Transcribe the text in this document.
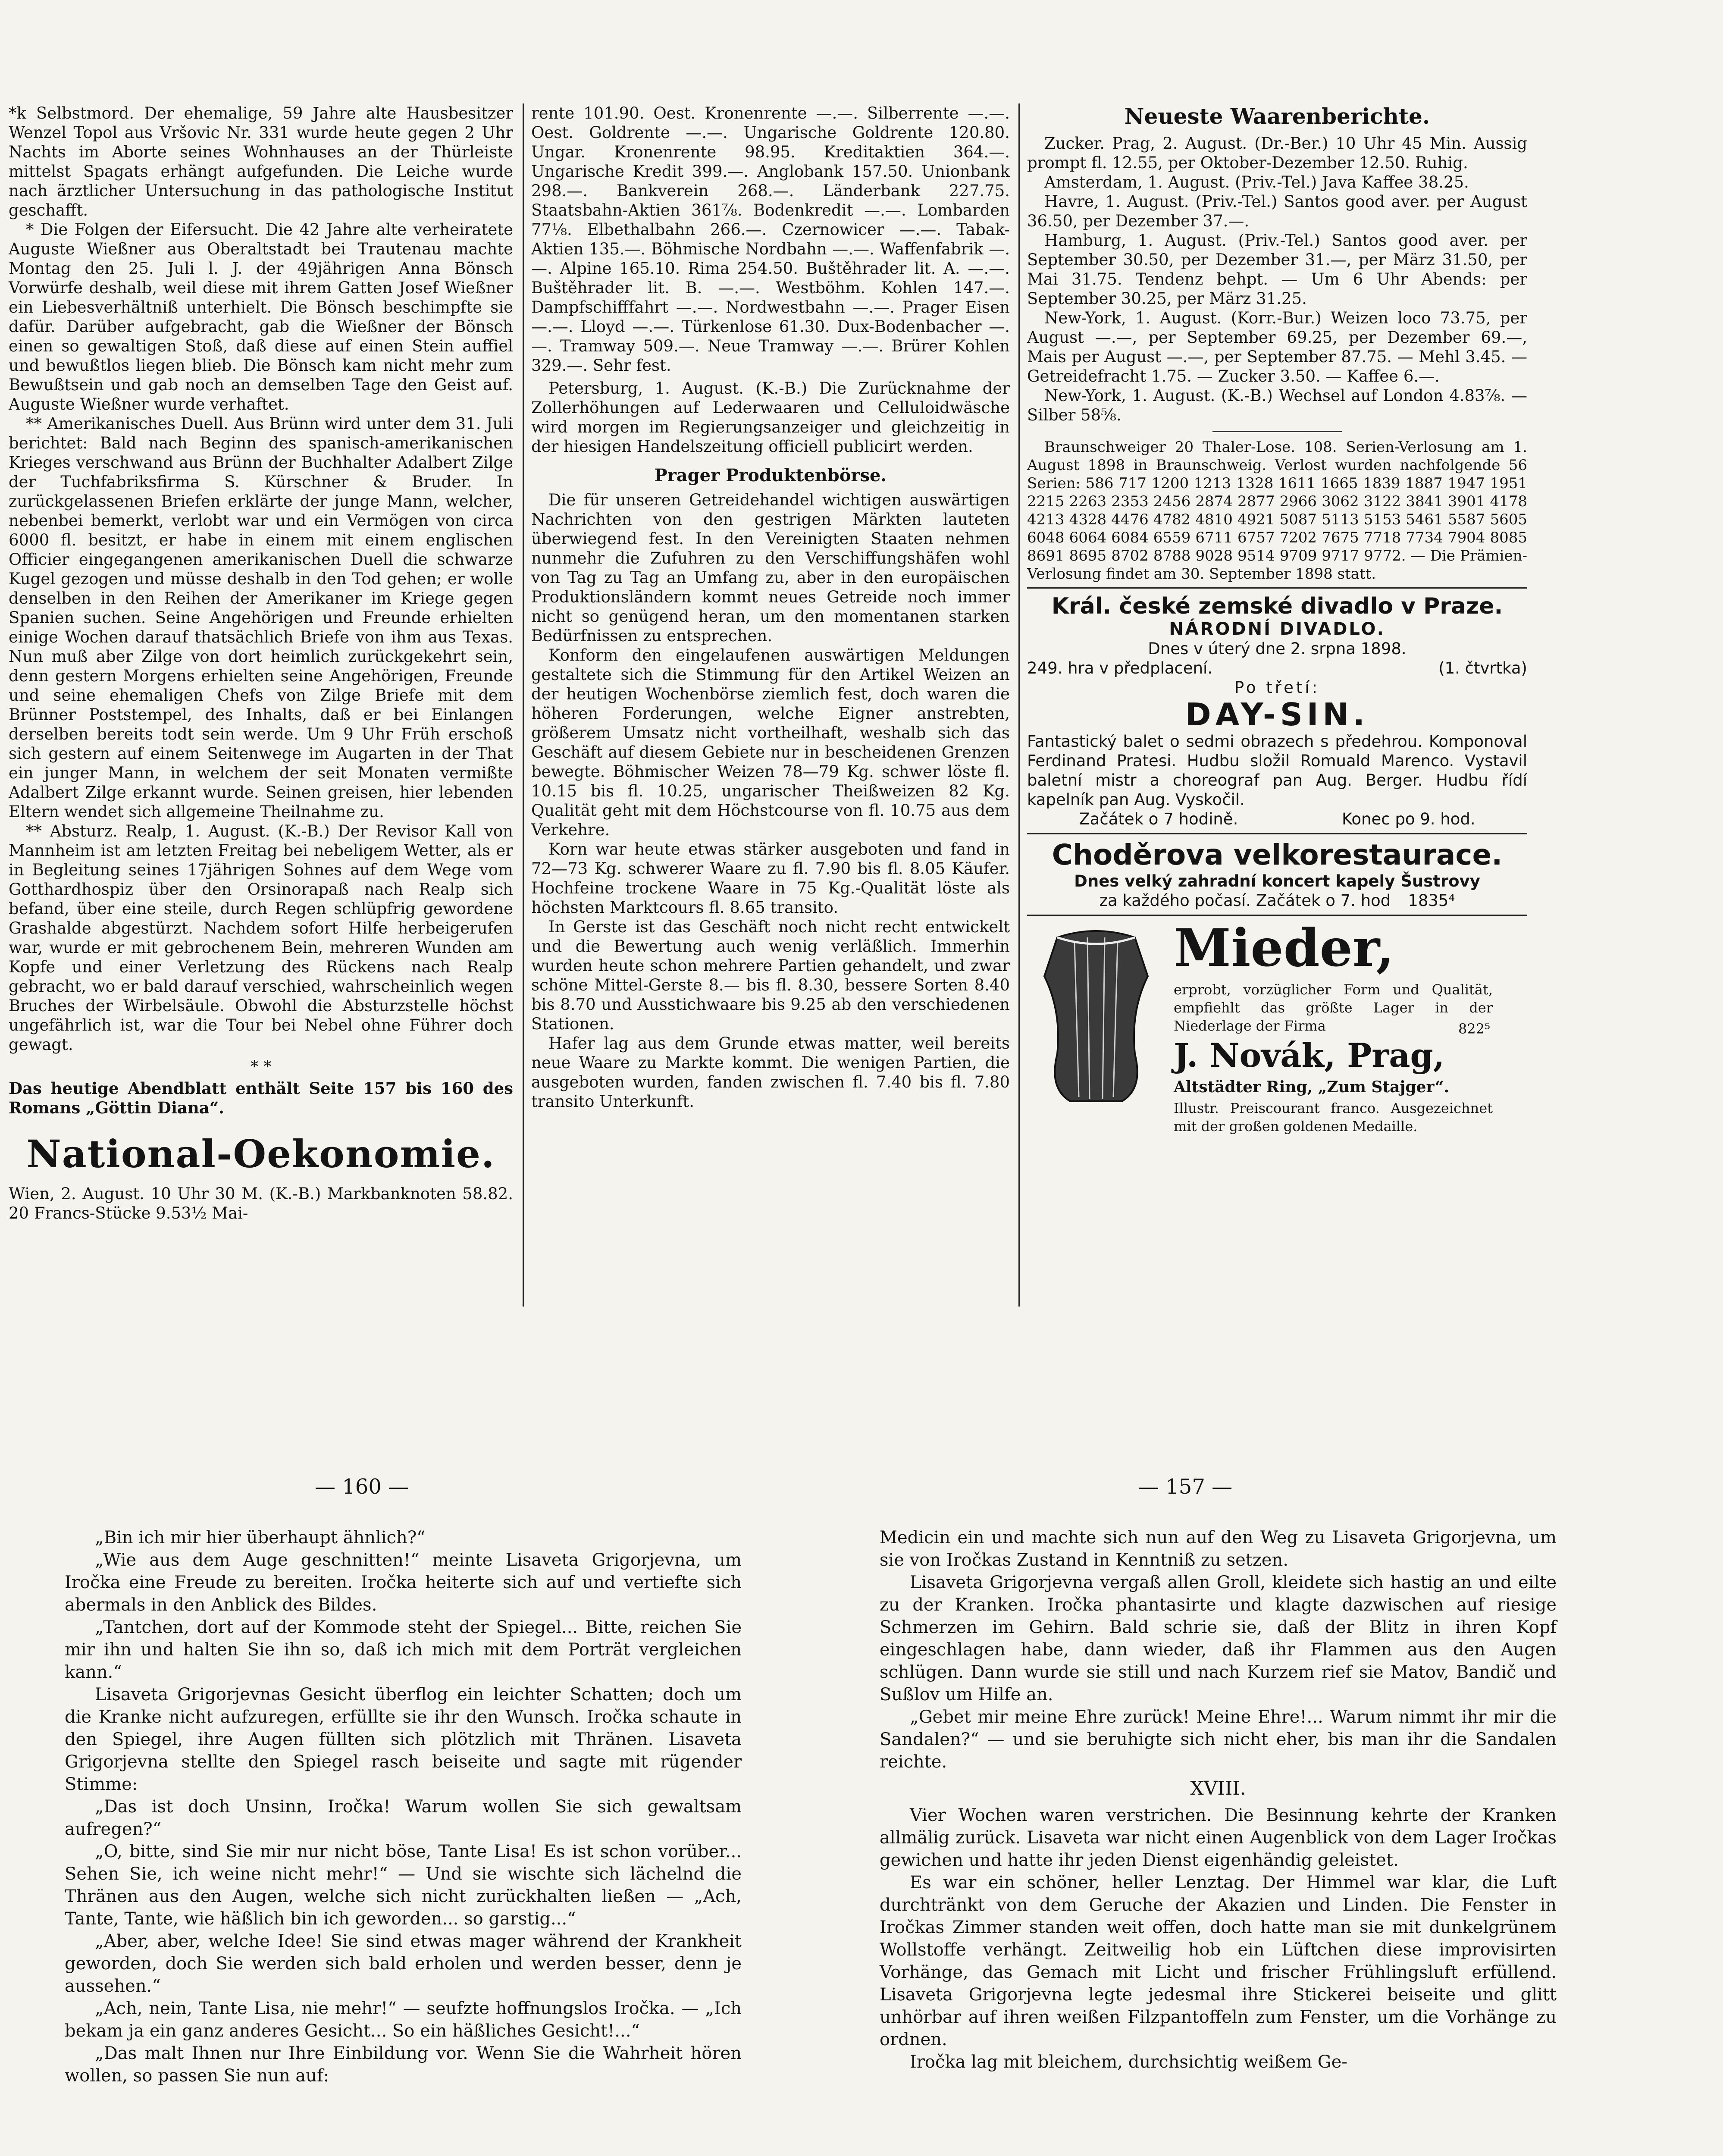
*k Selbstmord. Der ehemalige, 59 Jahre alte Hausbesitzer Wenzel Topol aus Vršovic Nr. 331 wurde heute gegen 2 Uhr Nachts im Aborte seines Wohnhauses an der Thürleiste mittelst Spagats erhängt aufgefunden. Die Leiche wurde nach ärztlicher Untersuchung in das pathologische Institut geschafft.

* Die Folgen der Eifersucht. Die 42 Jahre alte verheiratete Auguste Wießner aus Oberaltstadt bei Trautenau machte Montag den 25. Juli l. J. der 49jährigen Anna Bönsch Vorwürfe deshalb, weil diese mit ihrem Gatten Josef Wießner ein Liebesverhältniß unterhielt. Die Bönsch beschimpfte sie dafür. Darüber aufgebracht, gab die Wießner der Bönsch einen so gewaltigen Stoß, daß diese auf einen Stein auffiel und bewußtlos liegen blieb. Die Bönsch kam nicht mehr zum Bewußtsein und gab noch an demselben Tage den Geist auf. Auguste Wießner wurde verhaftet.

** Amerikanisches Duell. Aus Brünn wird unter dem 31. Juli berichtet: Bald nach Beginn des spanisch-amerikanischen Krieges verschwand aus Brünn der Buchhalter Adalbert Zilge der Tuchfabriksfirma S. Kürschner & Bruder. In zurückgelassenen Briefen erklärte der junge Mann, welcher, nebenbei bemerkt, verlobt war und ein Vermögen von circa 6000 fl. besitzt, er habe in einem mit einem englischen Officier eingegangenen amerikanischen Duell die schwarze Kugel gezogen und müsse deshalb in den Tod gehen; er wolle denselben in den Reihen der Amerikaner im Kriege gegen Spanien suchen. Seine Angehörigen und Freunde erhielten einige Wochen darauf thatsächlich Briefe von ihm aus Texas. Nun muß aber Zilge von dort heimlich zurückgekehrt sein, denn gestern Morgens erhielten seine Angehörigen, Freunde und seine ehemaligen Chefs von Zilge Briefe mit dem Brünner Poststempel, des Inhalts, daß er bei Einlangen derselben bereits todt sein werde. Um 9 Uhr Früh erschoß sich gestern auf einem Seitenwege im Augarten in der That ein junger Mann, in welchem der seit Monaten vermißte Adalbert Zilge erkannt wurde. Seinen greisen, hier lebenden Eltern wendet sich allgemeine Theilnahme zu.

** Absturz. Realp, 1. August. (K.-B.) Der Revisor Kall von Mannheim ist am letzten Freitag bei nebeligem Wetter, als er in Begleitung seines 17jährigen Sohnes auf dem Wege vom Gotthardhospiz über den Orsinorapaß nach Realp sich befand, über eine steile, durch Regen schlüpfrig gewordene Grashalde abgestürzt. Nachdem sofort Hilfe herbeigerufen war, wurde er mit gebrochenem Bein, mehreren Wunden am Kopfe und einer Verletzung des Rückens nach Realp gebracht, wo er bald darauf verschied, wahrscheinlich wegen Bruches der Wirbelsäule. Obwohl die Absturzstelle höchst ungefährlich ist, war die Tour bei Nebel ohne Führer doch gewagt.

* *

Das heutige Abendblatt enthält Seite 157 bis 160 des Romans „Göttin Diana“.

National-Oekonomie.

Wien, 2. August. 10 Uhr 30 M. (K.-B.) Markbanknoten 58.82. 20 Francs-Stücke 9.53½ Mai-

rente 101.90. Oest. Kronenrente —.—. Silberrente —.—. Oest. Goldrente —.—. Ungarische Goldrente 120.80. Ungar. Kronenrente 98.95. Kreditaktien 364.—. Ungarische Kredit 399.—. Anglobank 157.50. Unionbank 298.—. Bankverein 268.—. Länderbank 227.75. Staatsbahn-Aktien 361⅞. Bodenkredit —.—. Lombarden 77⅛. Elbethalbahn 266.—. Czernowicer —.—. Tabak-Aktien 135.—. Böhmische Nordbahn —.—. Waffenfabrik —.—. Alpine 165.10. Rima 254.50. Buštěhrader lit. A. —.—. Buštěhrader lit. B. —.—. Westböhm. Kohlen 147.—. Dampfschifffahrt —.—. Nordwestbahn —.—. Prager Eisen —.—. Lloyd —.—. Türkenlose 61.30. Dux-Bodenbacher —.—. Tramway 509.—. Neue Tramway —.—. Brürer Kohlen 329.—. Sehr fest.

Petersburg, 1. August. (K.-B.) Die Zurücknahme der Zollerhöhungen auf Lederwaaren und Celluloidwäsche wird morgen im Regierungsanzeiger und gleichzeitig in der hiesigen Handelszeitung officiell publicirt werden.

Prager Produktenbörse.

Die für unseren Getreidehandel wichtigen auswärtigen Nachrichten von den gestrigen Märkten lauteten überwiegend fest. In den Vereinigten Staaten nehmen nunmehr die Zufuhren zu den Verschiffungshäfen wohl von Tag zu Tag an Umfang zu, aber in den europäischen Produktionsländern kommt neues Getreide noch immer nicht so genügend heran, um den momentanen starken Bedürfnissen zu entsprechen.

Konform den eingelaufenen auswärtigen Meldungen gestaltete sich die Stimmung für den Artikel Weizen an der heutigen Wochenbörse ziemlich fest, doch waren die höheren Forderungen, welche Eigner anstrebten, größerem Umsatz nicht vortheilhaft, weshalb sich das Geschäft auf diesem Gebiete nur in bescheidenen Grenzen bewegte. Böhmischer Weizen 78—79 Kg. schwer löste fl. 10.15 bis fl. 10.25, ungarischer Theißweizen 82 Kg. Qualität geht mit dem Höchstcourse von fl. 10.75 aus dem Verkehre.

Korn war heute etwas stärker ausgeboten und fand in 72—73 Kg. schwerer Waare zu fl. 7.90 bis fl. 8.05 Käufer. Hochfeine trockene Waare in 75 Kg.-Qualität löste als höchsten Marktcours fl. 8.65 transito.

In Gerste ist das Geschäft noch nicht recht entwickelt und die Bewertung auch wenig verläßlich. Immerhin wurden heute schon mehrere Partien gehandelt, und zwar schöne Mittel-Gerste 8.— bis fl. 8.30, bessere Sorten 8.40 bis 8.70 und Ausstichwaare bis 9.25 ab den verschiedenen Stationen.

Hafer lag aus dem Grunde etwas matter, weil bereits neue Waare zu Markte kommt. Die wenigen Partien, die ausgeboten wurden, fanden zwischen fl. 7.40 bis fl. 7.80 transito Unterkunft.

Neueste Waarenberichte.

Zucker. Prag, 2. August. (Dr.-Ber.) 10 Uhr 45 Min. Aussig prompt fl. 12.55, per Oktober-Dezember 12.50. Ruhig.

Amsterdam, 1. August. (Priv.-Tel.) Java Kaffee 38.25.

Havre, 1. August. (Priv.-Tel.) Santos good aver. per August 36.50, per Dezember 37.—.

Hamburg, 1. August. (Priv.-Tel.) Santos good aver. per September 30.50, per Dezember 31.—, per März 31.50, per Mai 31.75. Tendenz behpt. — Um 6 Uhr Abends: per September 30.25, per März 31.25.

New-York, 1. August. (Korr.-Bur.) Weizen loco 73.75, per August —.—, per September 69.25, per Dezember 69.—, Mais per August —.—, per September 87.75. — Mehl 3.45. — Getreidefracht 1.75. — Zucker 3.50. — Kaffee 6.—.

New-York, 1. August. (K.-B.) Wechsel auf London 4.83⅞. — Silber 58⅝.

Braunschweiger 20 Thaler-Lose. 108. Serien-Verlosung am 1. August 1898 in Braunschweig. Verlost wurden nachfolgende 56 Serien: 586 717 1200 1213 1328 1611 1665 1839 1887 1947 1951 2215 2263 2353 2456 2874 2877 2966 3062 3122 3841 3901 4178 4213 4328 4476 4782 4810 4921 5087 5113 5153 5461 5587 5605 6048 6064 6084 6559 6711 6757 7202 7675 7718 7734 7904 8085 8691 8695 8702 8788 9028 9514 9709 9717 9772. — Die Prämien-Verlosung findet am 30. September 1898 statt.

Král. české zemské divadlo v Praze.
NÁRODNÍ DIVADLO.
Dnes v úterý dne 2. srpna 1898.
249. hra v předplacení.	(1. čtvrtka)
Po třetí:
DAY-SIN.
Fantastický balet o sedmi obrazech s předehrou. Komponoval Ferdinand Pratesi. Hudbu složil Romuald Marenco. Vystavil baletní mistr a choreograf pan Aug. Berger. Hudbu řídí kapelník pan Aug. Vyskočil.
Začátek o 7 hodině.	Konec po 9. hod.
Choděrova velkorestaurace.
Dnes velký zahradní koncert kapely Šustrovy
za každého počasí. Začátek o 7. hod 1835⁴
Mieder,
erprobt, vorzüglicher Form und Qualität, empfiehlt das größte Lager in der Niederlage der Firma	822⁵
J. Novák, Prag,
Altstädter Ring, „Zum Stajger“.
Illustr. Preiscourant franco. Ausgezeichnet mit der großen goldenen Medaille.
— 160 —	— 157 —

„Bin ich mir hier überhaupt ähnlich?“

„Wie aus dem Auge geschnitten!“ meinte Lisaveta Grigorjevna, um Iročka eine Freude zu bereiten. Iročka heiterte sich auf und vertiefte sich abermals in den Anblick des Bildes.

„Tantchen, dort auf der Kommode steht der Spiegel... Bitte, reichen Sie mir ihn und halten Sie ihn so, daß ich mich mit dem Porträt vergleichen kann.“

Lisaveta Grigorjevnas Gesicht überflog ein leichter Schatten; doch um die Kranke nicht aufzuregen, erfüllte sie ihr den Wunsch. Iročka schaute in den Spiegel, ihre Augen füllten sich plötzlich mit Thränen. Lisaveta Grigorjevna stellte den Spiegel rasch beiseite und sagte mit rügender Stimme:

„Das ist doch Unsinn, Iročka! Warum wollen Sie sich gewaltsam aufregen?“

„O, bitte, sind Sie mir nur nicht böse, Tante Lisa! Es ist schon vorüber... Sehen Sie, ich weine nicht mehr!“ — Und sie wischte sich lächelnd die Thränen aus den Augen, welche sich nicht zurückhalten ließen — „Ach, Tante, Tante, wie häßlich bin ich geworden... so garstig...“

„Aber, aber, welche Idee! Sie sind etwas mager während der Krankheit geworden, doch Sie werden sich bald erholen und werden besser, denn je aussehen.“

„Ach, nein, Tante Lisa, nie mehr!“ — seufzte hoffnungslos Iročka. — „Ich bekam ja ein ganz anderes Gesicht... So ein häßliches Gesicht!...“

„Das malt Ihnen nur Ihre Einbildung vor. Wenn Sie die Wahrheit hören wollen, so passen Sie nun auf:

Medicin ein und machte sich nun auf den Weg zu Lisaveta Grigorjevna, um sie von Iročkas Zustand in Kenntniß zu setzen.

Lisaveta Grigorjevna vergaß allen Groll, kleidete sich hastig an und eilte zu der Kranken. Iročka phantasirte und klagte dazwischen auf riesige Schmerzen im Gehirn. Bald schrie sie, daß der Blitz in ihren Kopf eingeschlagen habe, dann wieder, daß ihr Flammen aus den Augen schlügen. Dann wurde sie still und nach Kurzem rief sie Matov, Bandič und Sußlov um Hilfe an.

„Gebet mir meine Ehre zurück! Meine Ehre!... Warum nimmt ihr mir die Sandalen?“ — und sie beruhigte sich nicht eher, bis man ihr die Sandalen reichte.

XVIII.

Vier Wochen waren verstrichen. Die Besinnung kehrte der Kranken allmälig zurück. Lisaveta war nicht einen Augenblick von dem Lager Iročkas gewichen und hatte ihr jeden Dienst eigenhändig geleistet.

Es war ein schöner, heller Lenztag. Der Himmel war klar, die Luft durchtränkt von dem Geruche der Akazien und Linden. Die Fenster in Iročkas Zimmer standen weit offen, doch hatte man sie mit dunkelgrünem Wollstoffe verhängt. Zeitweilig hob ein Lüftchen diese improvisirten Vorhänge, das Gemach mit Licht und frischer Frühlingsluft erfüllend. Lisaveta Grigorjevna legte jedesmal ihre Stickerei beiseite und glitt unhörbar auf ihren weißen Filzpantoffeln zum Fenster, um die Vorhänge zu ordnen.

Iročka lag mit bleichem, durchsichtig weißem Ge-
